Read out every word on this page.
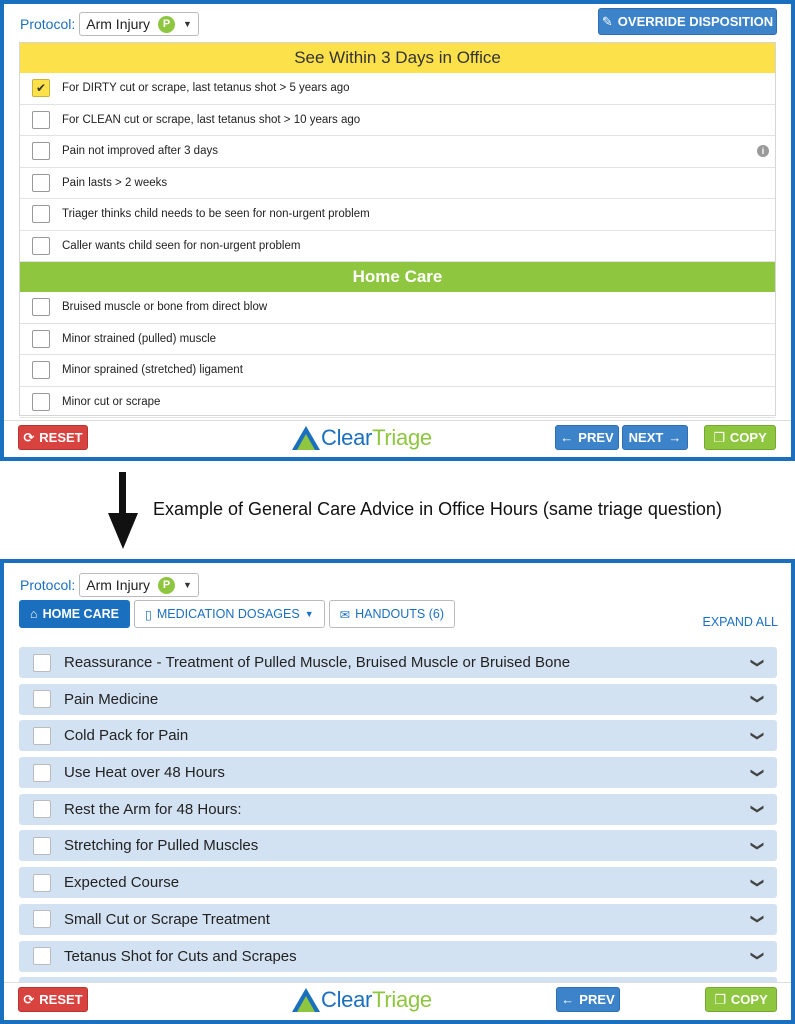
Protocol: Arm Injury	P	▼	✎ OVERRIDE DISPOSITION
See Within 3 Days in Office
✔
For DIRTY cut or scrape, last tetanus shot > 5 years ago
For CLEAN cut or scrape, last tetanus shot > 10 years ago
Pain not improved after 3 days	i
Pain lasts > 2 weeks
Triager thinks child needs to be seen for non-urgent problem
Caller wants child seen for non-urgent problem
Home Care
Bruised muscle or bone from direct blow
Minor strained (pulled) muscle
Minor sprained (stretched) ligament
Minor cut or scrape
⟳ RESET	ClearTriage	← PREV NEXT → ❐ COPY
Example of General Care Advice in Office Hours (same triage question)
Protocol: Arm Injury	P	▼
⌂ HOME CARE ▯ MEDICATION DOSAGES ▼ ✉ HANDOUTS (6)
EXPAND ALL
Reassurance - Treatment of Pulled Muscle, Bruised Muscle or Bruised Bone	❯
Pain Medicine	❯
Cold Pack for Pain	❯
Use Heat over 48 Hours	❯
Rest the Arm for 48 Hours:	❯
Stretching for Pulled Muscles	❯
Expected Course	❯
Small Cut or Scrape Treatment	❯
Tetanus Shot for Cuts and Scrapes	❯
⟳ RESET	ClearTriage	← PREV	❐ COPY
